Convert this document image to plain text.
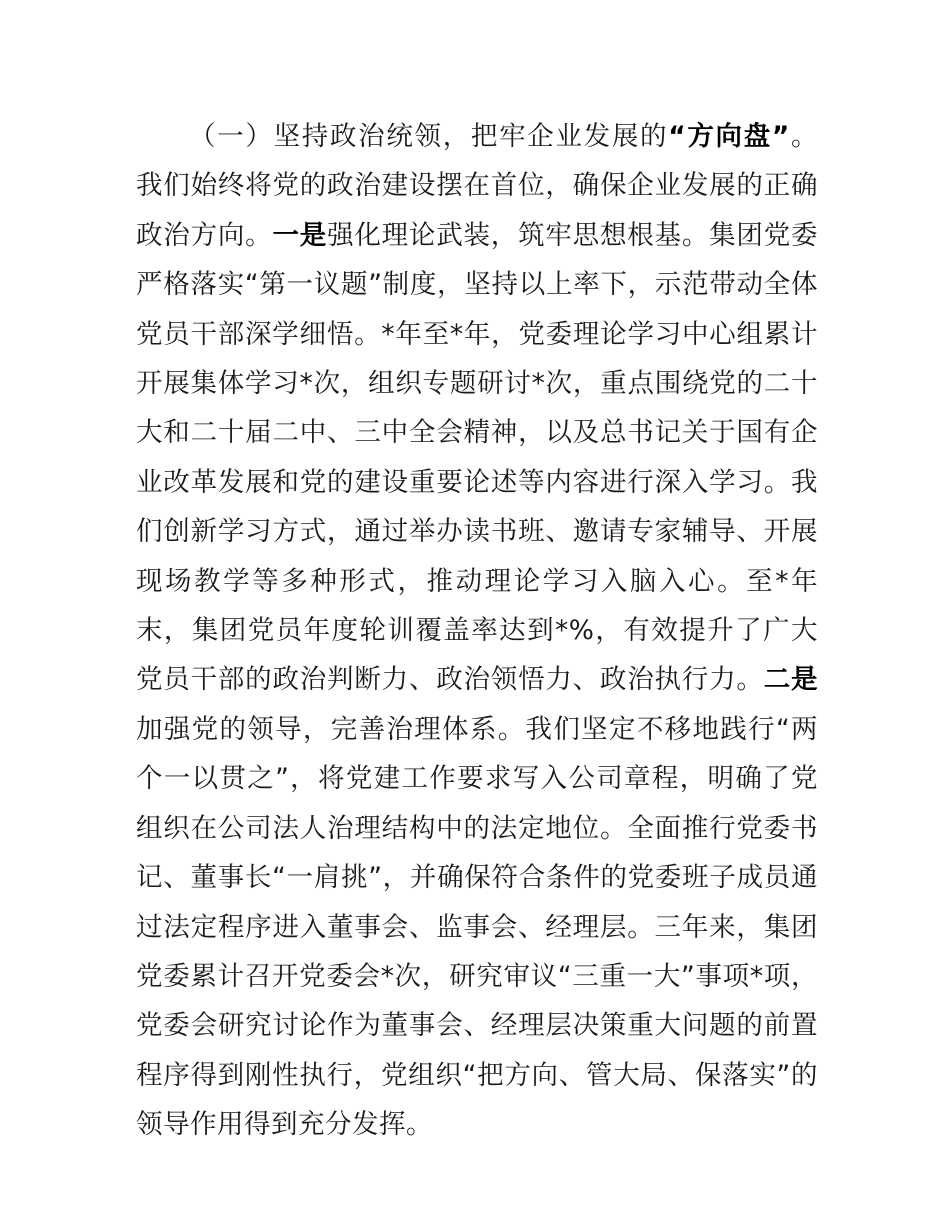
（一）坚持政治统领，把牢企业发展的“方向盘”。我们始终将党的政治建设摆在首位，确保企业发展的正确政治方向。一是强化理论武装，筑牢思想根基。集团党委严格落实“第一议题”制度，坚持以上率下，示范带动全体党员干部深学细悟。*年至*年，党委理论学习中心组累计开展集体学习*次，组织专题研讨*次，重点围绕党的二十大和二十届二中、三中全会精神，以及总书记关于国有企业改革发展和党的建设重要论述等内容进行深入学习。我们创新学习方式，通过举办读书班、邀请专家辅导、开展现场教学等多种形式，推动理论学习入脑入心。至*年末，集团党员年度轮训覆盖率达到*%，有效提升了广大党员干部的政治判断力、政治领悟力、政治执行力。二是加强党的领导，完善治理体系。我们坚定不移地践行“两个一以贯之”，将党建工作要求写入公司章程，明确了党组织在公司法人治理结构中的法定地位。全面推行党委书记、董事长“一肩挑”，并确保符合条件的党委班子成员通过法定程序进入董事会、监事会、经理层。三年来，集团党委累计召开党委会*次，研究审议“三重一大”事项*项，党委会研究讨论作为董事会、经理层决策重大问题的前置程序得到刚性执行，党组织“把方向、管大局、保落实”的领导作用得到充分发挥。
